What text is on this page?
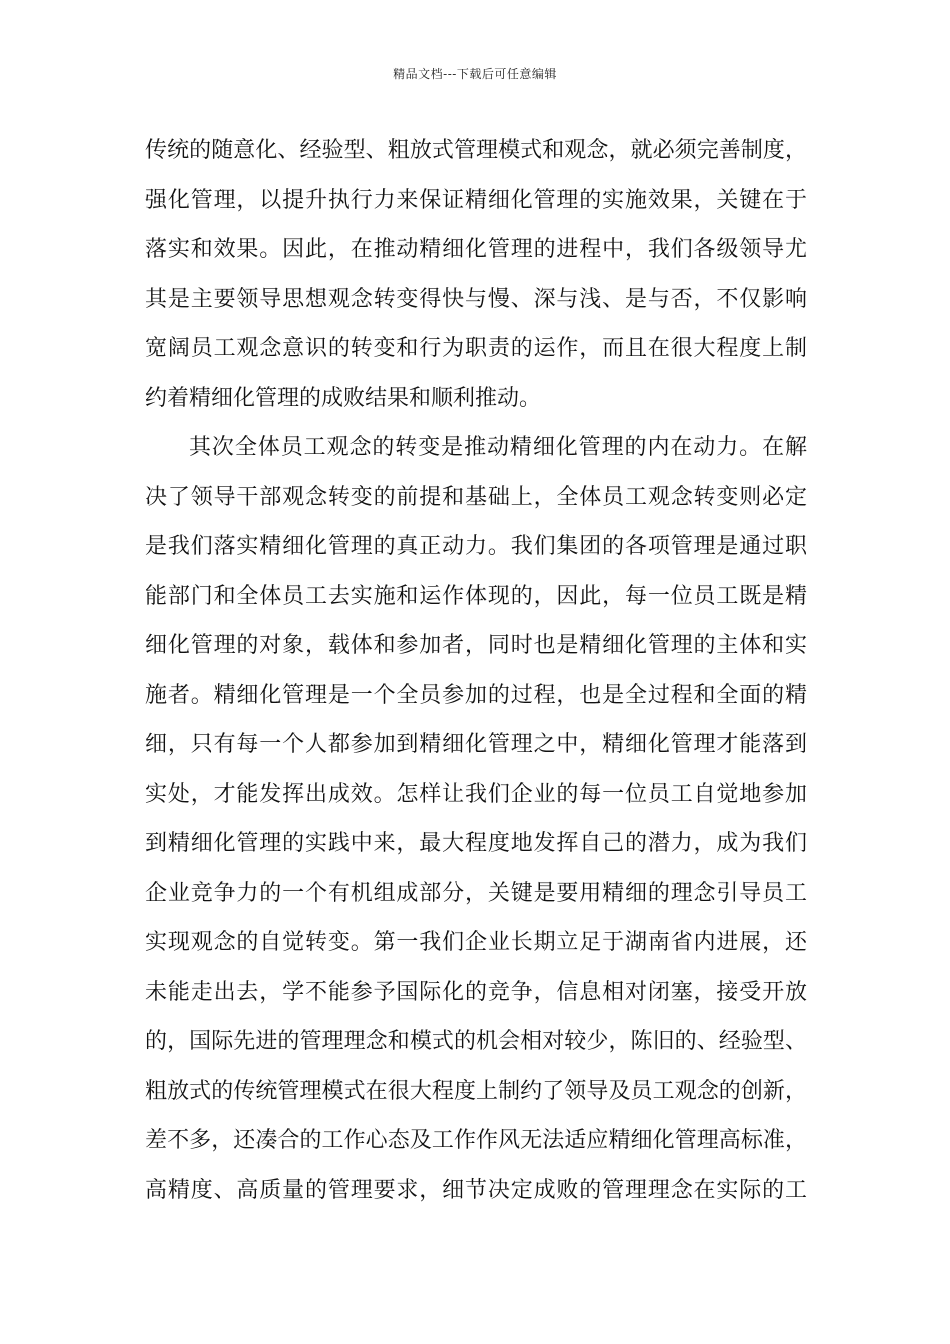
精品文档---下载后可任意编辑
传统的随意化、经验型、粗放式管理模式和观念，就必须完善制度，
强化管理，以提升执行力来保证精细化管理的实施效果，关键在于
落实和效果。因此，在推动精细化管理的进程中，我们各级领导尤
其是主要领导思想观念转变得快与慢、深与浅、是与否，不仅影响
宽阔员工观念意识的转变和行为职责的运作，而且在很大程度上制
约着精细化管理的成败结果和顺利推动。
其次全体员工观念的转变是推动精细化管理的内在动力。在解
决了领导干部观念转变的前提和基础上，全体员工观念转变则必定
是我们落实精细化管理的真正动力。我们集团的各项管理是通过职
能部门和全体员工去实施和运作体现的，因此，每一位员工既是精
细化管理的对象，载体和参加者，同时也是精细化管理的主体和实
施者。精细化管理是一个全员参加的过程，也是全过程和全面的精
细，只有每一个人都参加到精细化管理之中，精细化管理才能落到
实处，才能发挥出成效。怎样让我们企业的每一位员工自觉地参加
到精细化管理的实践中来，最大程度地发挥自己的潜力，成为我们
企业竞争力的一个有机组成部分，关键是要用精细的理念引导员工
实现观念的自觉转变。第一我们企业长期立足于湖南省内进展，还
未能走出去，学不能参予国际化的竞争，信息相对闭塞，接受开放
的，国际先进的管理理念和模式的机会相对较少，陈旧的、经验型、
粗放式的传统管理模式在很大程度上制约了领导及员工观念的创新，
差不多，还凑合的工作心态及工作作风无法适应精细化管理高标准，
高精度、高质量的管理要求，细节决定成败的管理理念在实际的工
